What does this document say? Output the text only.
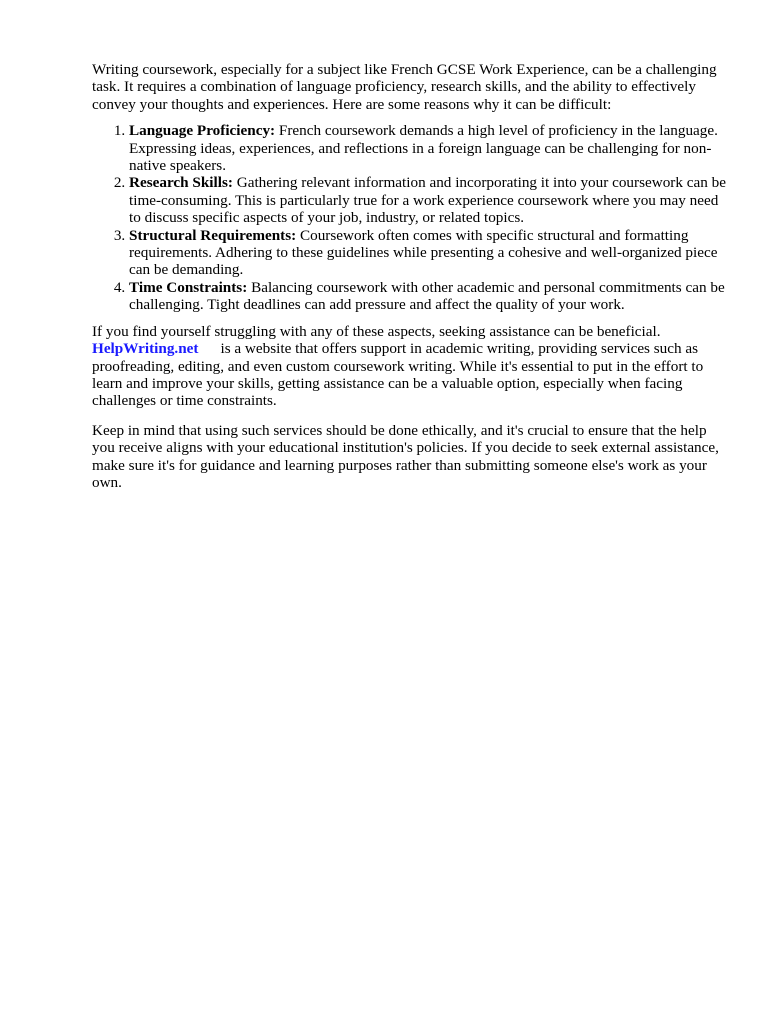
Writing coursework, especially for a subject like French GCSE Work Experience, can be a challenging task. It requires a combination of language proficiency, research skills, and the ability to effectively convey your thoughts and experiences. Here are some reasons why it can be difficult:

1. Language Proficiency: French coursework demands a high level of proficiency in the language. Expressing ideas, experiences, and reflections in a foreign language can be challenging for non-native speakers.
2. Research Skills: Gathering relevant information and incorporating it into your coursework can be time-consuming. This is particularly true for a work experience coursework where you may need to discuss specific aspects of your job, industry, or related topics.
3. Structural Requirements: Coursework often comes with specific structural and formatting requirements. Adhering to these guidelines while presenting a cohesive and well-organized piece can be demanding.
4. Time Constraints: Balancing coursework with other academic and personal commitments can be challenging. Tight deadlines can add pressure and affect the quality of your work.

If you find yourself struggling with any of these aspects, seeking assistance can be beneficial.
HelpWriting.net is a website that offers support in academic writing, providing services such as proofreading, editing, and even custom coursework writing. While it's essential to put in the effort to learn and improve your skills, getting assistance can be a valuable option, especially when facing challenges or time constraints.

Keep in mind that using such services should be done ethically, and it's crucial to ensure that the help you receive aligns with your educational institution's policies. If you decide to seek external assistance, make sure it's for guidance and learning purposes rather than submitting someone else's work as your own.
